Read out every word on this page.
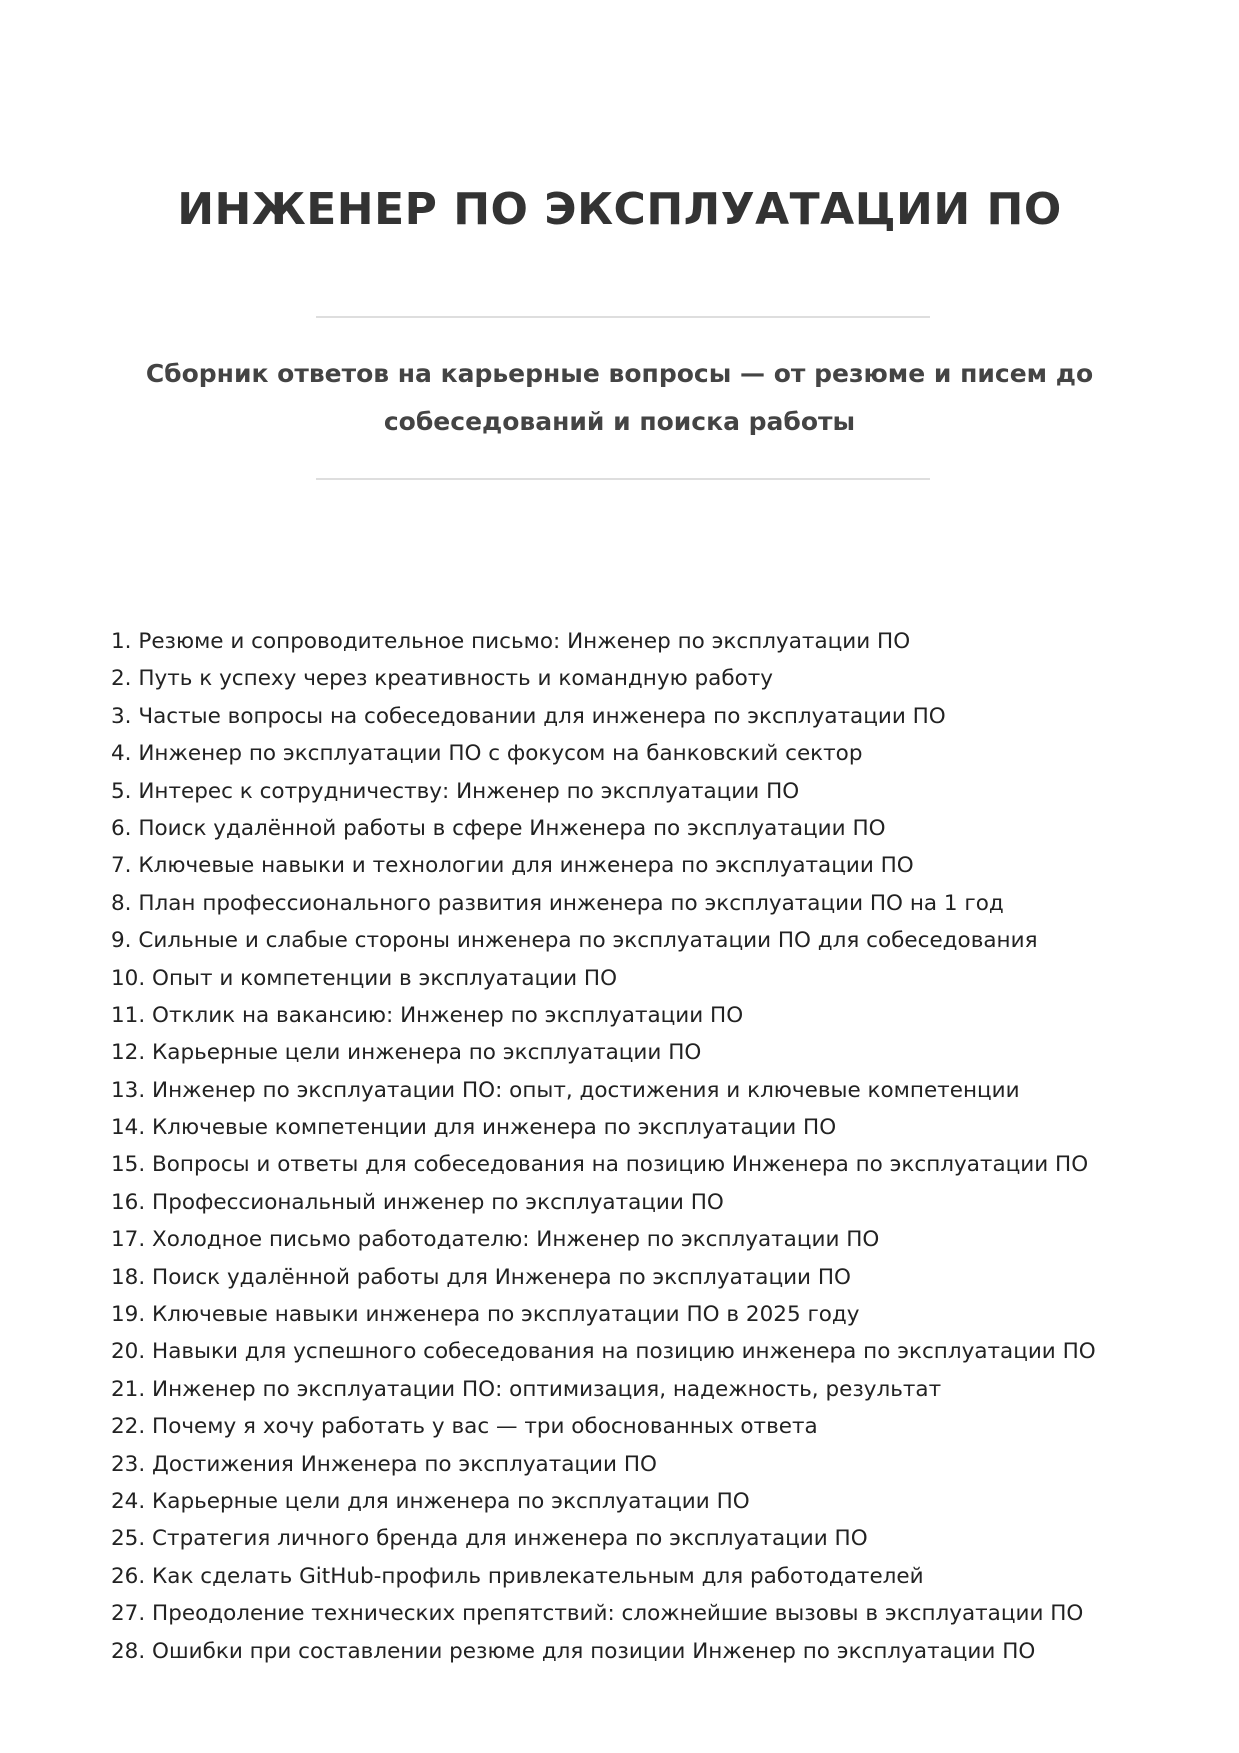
ИНЖЕНЕР ПО ЭКСПЛУАТАЦИИ ПО

Сборник ответов на карьерные вопросы — от резюме и писем до собеседований и поиска работы

1. Резюме и сопроводительное письмо: Инженер по эксплуатации ПО
2. Путь к успеху через креативность и командную работу
3. Частые вопросы на собеседовании для инженера по эксплуатации ПО
4. Инженер по эксплуатации ПО с фокусом на банковский сектор
5. Интерес к сотрудничеству: Инженер по эксплуатации ПО
6. Поиск удалённой работы в сфере Инженера по эксплуатации ПО
7. Ключевые навыки и технологии для инженера по эксплуатации ПО
8. План профессионального развития инженера по эксплуатации ПО на 1 год
9. Сильные и слабые стороны инженера по эксплуатации ПО для собеседования
10. Опыт и компетенции в эксплуатации ПО
11. Отклик на вакансию: Инженер по эксплуатации ПО
12. Карьерные цели инженера по эксплуатации ПО
13. Инженер по эксплуатации ПО: опыт, достижения и ключевые компетенции
14. Ключевые компетенции для инженера по эксплуатации ПО
15. Вопросы и ответы для собеседования на позицию Инженера по эксплуатации ПО
16. Профессиональный инженер по эксплуатации ПО
17. Холодное письмо работодателю: Инженер по эксплуатации ПО
18. Поиск удалённой работы для Инженера по эксплуатации ПО
19. Ключевые навыки инженера по эксплуатации ПО в 2025 году
20. Навыки для успешного собеседования на позицию инженера по эксплуатации ПО
21. Инженер по эксплуатации ПО: оптимизация, надежность, результат
22. Почему я хочу работать у вас — три обоснованных ответа
23. Достижения Инженера по эксплуатации ПО
24. Карьерные цели для инженера по эксплуатации ПО
25. Стратегия личного бренда для инженера по эксплуатации ПО
26. Как сделать GitHub-профиль привлекательным для работодателей
27. Преодоление технических препятствий: сложнейшие вызовы в эксплуатации ПО
28. Ошибки при составлении резюме для позиции Инженер по эксплуатации ПО
